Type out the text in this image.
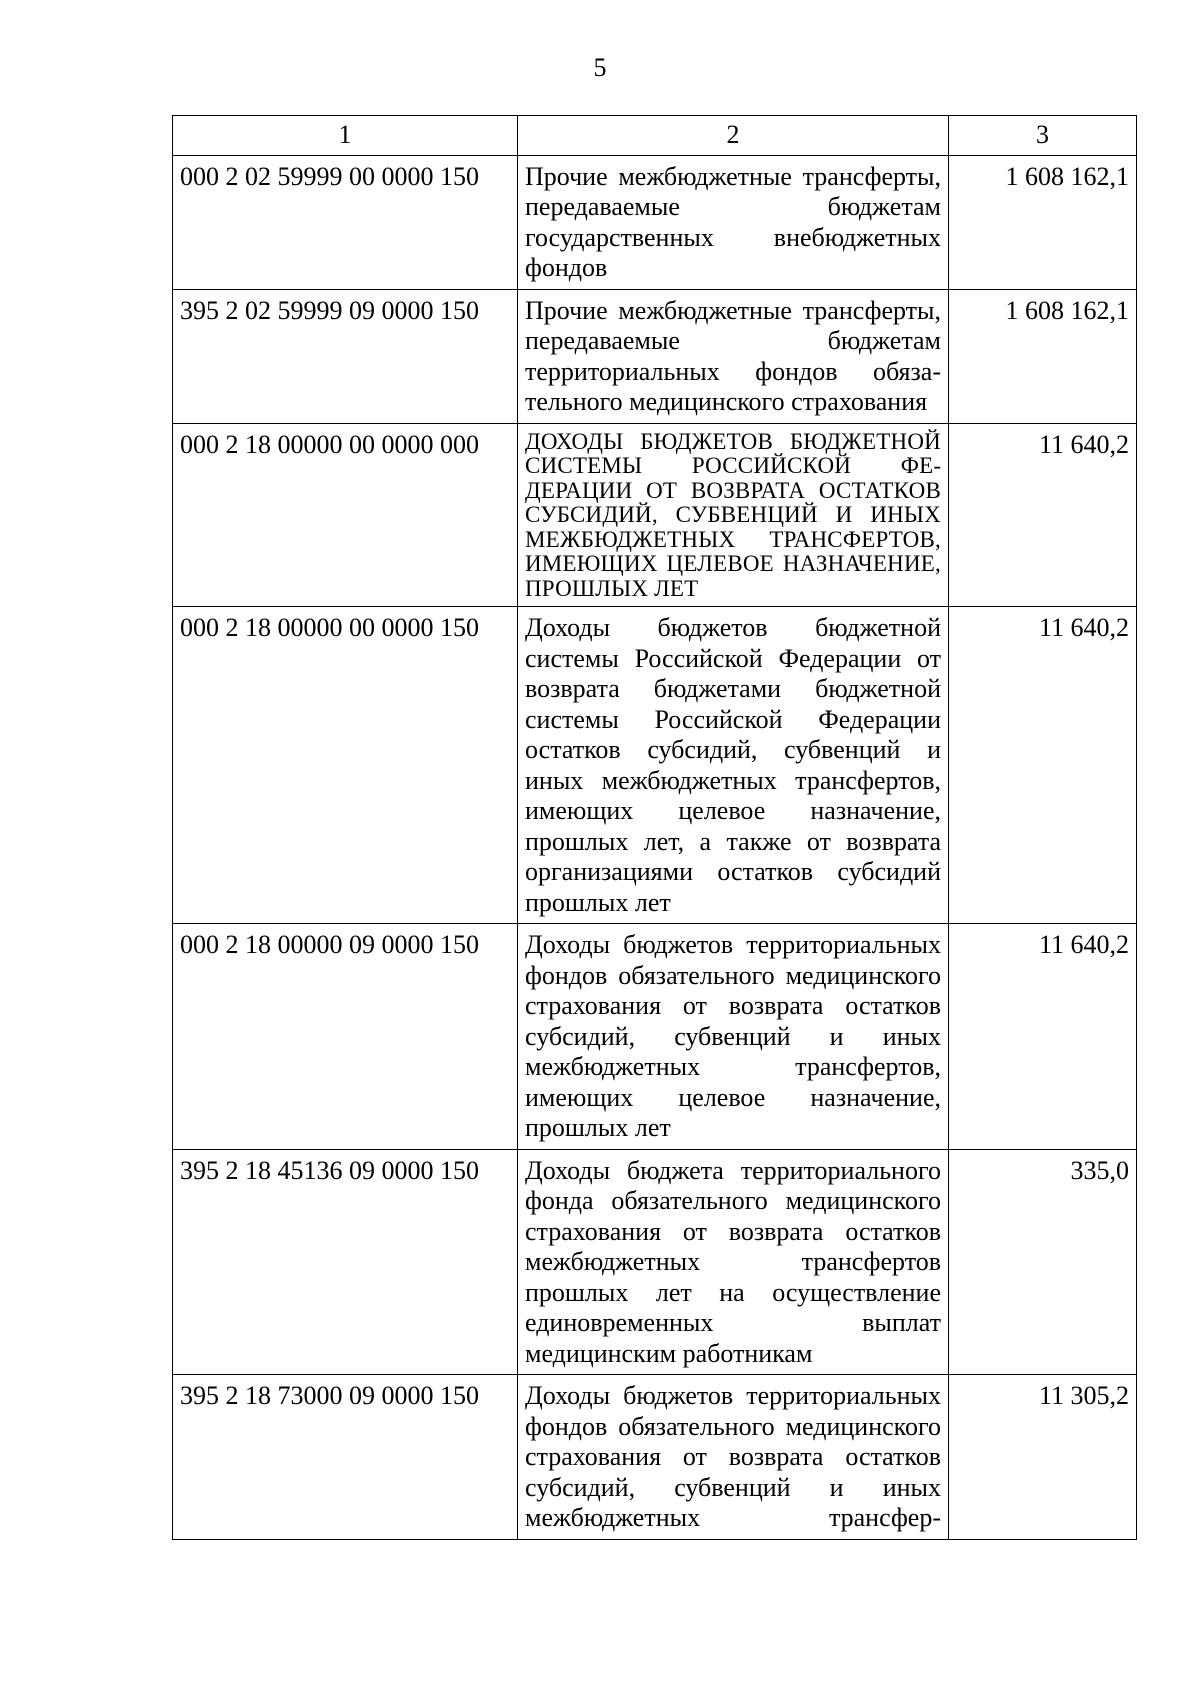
5
1	2	3
000 2 02 59999 00 0000 150	Прочие межбюджетные трансферты, передаваемые бюджетам государственных внебюджетных фондов	1 608 162,1
395 2 02 59999 09 0000 150	Прочие межбюджетные трансферты, передаваемые бюджетам территориальных фондов обязательного медицинского страхования	1 608 162,1
000 2 18 00000 00 0000 000	ДОХОДЫ БЮДЖЕТОВ БЮДЖЕТНОЙ СИСТЕМЫ РОССИЙСКОЙ ФЕДЕРАЦИИ ОТ ВОЗВРАТА ОСТАТКОВ СУБСИДИЙ, СУБВЕНЦИЙ И ИНЫХ МЕЖБЮДЖЕТНЫХ ТРАНСФЕРТОВ, ИМЕЮЩИХ ЦЕЛЕВОЕ НАЗНАЧЕНИЕ, ПРОШЛЫХ ЛЕТ	11 640,2
000 2 18 00000 00 0000 150	Доходы бюджетов бюджетной системы Российской Федерации от возврата бюджетами бюджетной системы Российской Федерации остатков субсидий, субвенций и иных межбюджетных трансфертов, имеющих целевое назначение, прошлых лет, а также от возврата организациями остатков субсидий прошлых лет	11 640,2
000 2 18 00000 09 0000 150	Доходы бюджетов территориальных фондов обязательного медицинского страхования от возврата остатков субсидий, субвенций и иных межбюджетных трансфертов, имеющих целевое назначение, прошлых лет	11 640,2
395 2 18 45136 09 0000 150	Доходы бюджета территориального фонда обязательного медицинского страхования от возврата остатков межбюджетных трансфертов прошлых лет на осуществление единовременных выплат медицинским работникам	335,0
395 2 18 73000 09 0000 150	Доходы бюджетов территориальных фондов обязательного медицинского страхования от возврата остатков субсидий, субвенций и иных межбюджетных трансфер-	11 305,2
